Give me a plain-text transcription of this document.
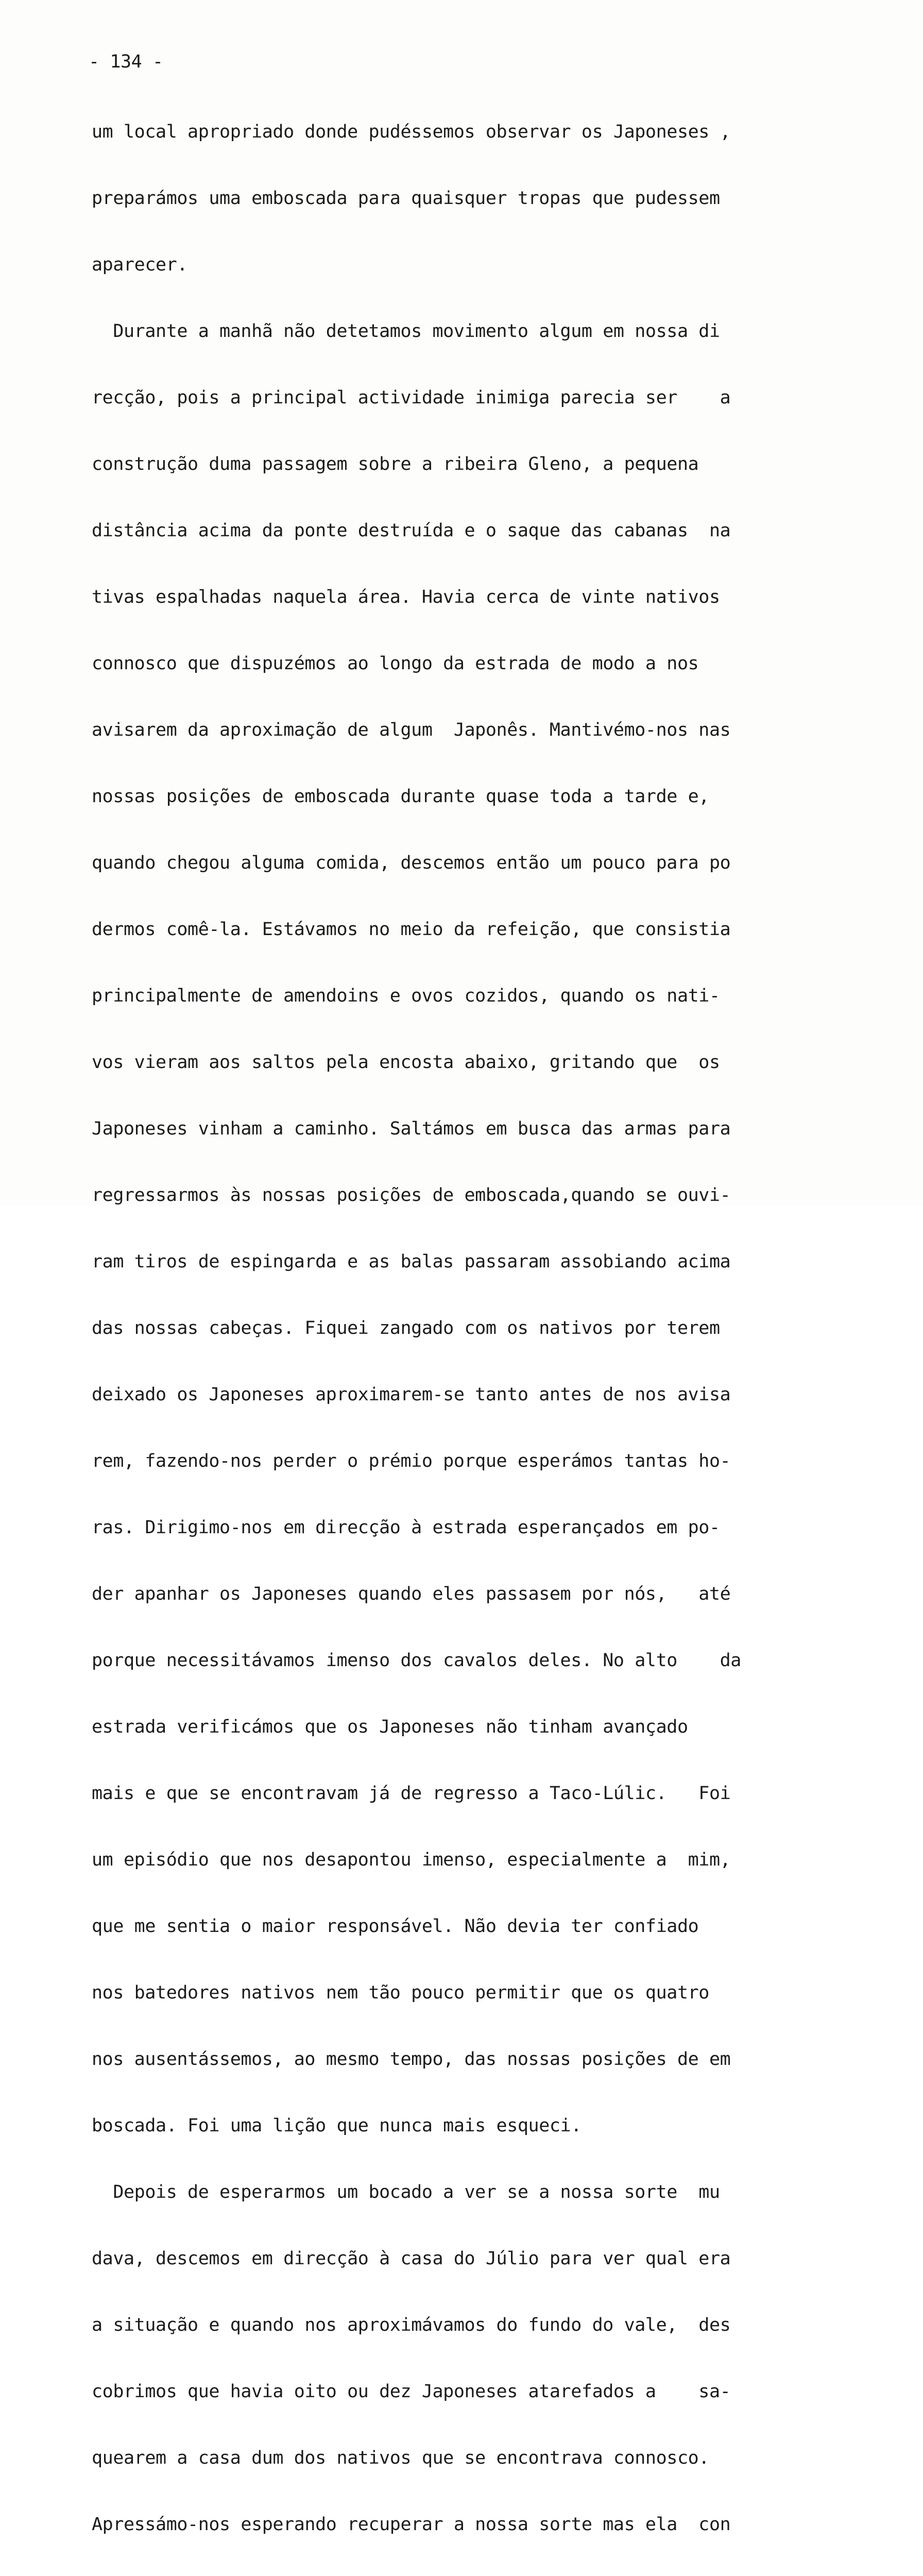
- 134 -

um local apropriado donde pudéssemos observar os Japoneses ,

preparámos uma emboscada para quaisquer tropas que pudessem

aparecer.

Durante a manhã não detetamos movimento algum em nossa di

recção, pois a principal actividade inimiga parecia ser    a

construção duma passagem sobre a ribeira Gleno, a pequena

distância acima da ponte destruída e o saque das cabanas  na

tivas espalhadas naquela área. Havia cerca de vinte nativos

connosco que dispuzémos ao longo da estrada de modo a nos

avisarem da aproximação de algum  Japonês. Mantivémo-nos nas

nossas posições de emboscada durante quase toda a tarde e,

quando chegou alguma comida, descemos então um pouco para po

dermos comê-la. Estávamos no meio da refeição, que consistia

principalmente de amendoins e ovos cozidos, quando os nati-

vos vieram aos saltos pela encosta abaixo, gritando que  os

Japoneses vinham a caminho. Saltámos em busca das armas para

regressarmos às nossas posições de emboscada,quando se ouvi-

ram tiros de espingarda e as balas passaram assobiando acima

das nossas cabeças. Fiquei zangado com os nativos por terem

deixado os Japoneses aproximarem-se tanto antes de nos avisa

rem, fazendo-nos perder o prémio porque esperámos tantas ho-

ras. Dirigimo-nos em direcção à estrada esperançados em po-

der apanhar os Japoneses quando eles passasem por nós,   até

porque necessitávamos imenso dos cavalos deles. No alto    da

estrada verificámos que os Japoneses não tinham avançado

mais e que se encontravam já de regresso a Taco-Lúlic.   Foi

um episódio que nos desapontou imenso, especialmente a  mim,

que me sentia o maior responsável. Não devia ter confiado

nos batedores nativos nem tão pouco permitir que os quatro

nos ausentássemos, ao mesmo tempo, das nossas posições de em

boscada. Foi uma lição que nunca mais esqueci.

Depois de esperarmos um bocado a ver se a nossa sorte  mu

dava, descemos em direcção à casa do Júlio para ver qual era

a situação e quando nos aproximávamos do fundo do vale,  des

cobrimos que havia oito ou dez Japoneses atarefados a    sa-

quearem a casa dum dos nativos que se encontrava connosco.

Apressámo-nos esperando recuperar a nossa sorte mas ela  con
